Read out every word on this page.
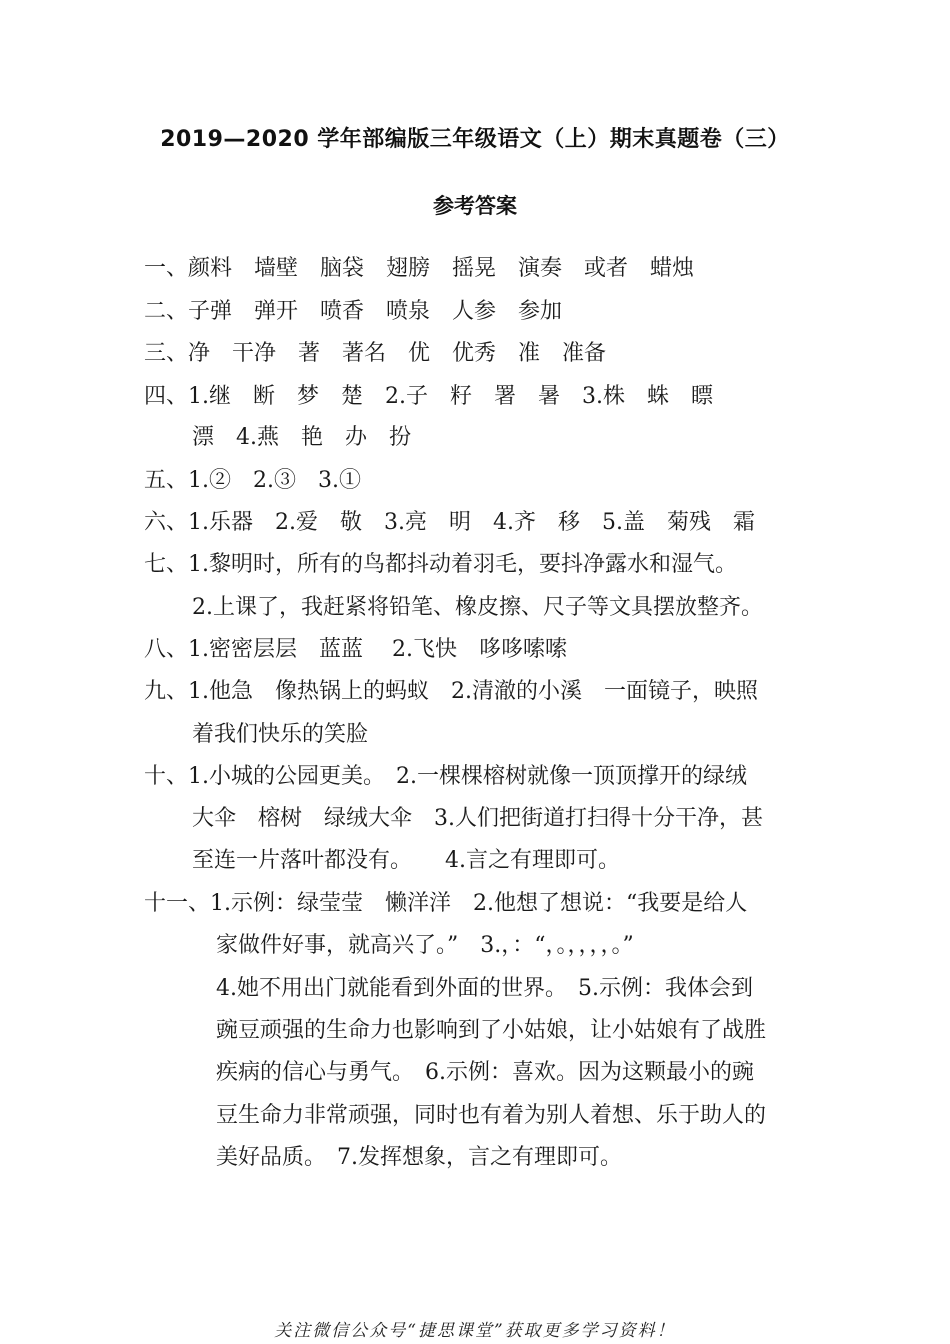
2019—2020 学年部编版三年级语文（上）期末真题卷（三）
参考答案
一、颜料　墙壁　脑袋　翅膀　摇晃　演奏　或者　蜡烛
二、子弹　弹开　喷香　喷泉　人参　参加
三、净　干净　著　著名　优　优秀　准　准备
四、1.继　断　梦　楚　2.子　籽　署　暑　3.株　蛛　瞟
漂　4.燕　艳　办　扮
五、1.②　2.③　3.①
六、1.乐器　2.爱　敬　3.亮　明　4.齐　移　5.盖　菊残　霜
七、1.黎明时，所有的鸟都抖动着羽毛，要抖净露水和湿气。
2.上课了，我赶紧将铅笔、橡皮擦、尺子等文具摆放整齐。
八、1.密密层层　蓝蓝　 2.飞快　哆哆嗦嗦
九、1.他急　像热锅上的蚂蚁　2.清澈的小溪　一面镜子，映照
着我们快乐的笑脸
十、1.小城的公园更美。　2.一棵棵榕树就像一顶顶撑开的绿绒
大伞　榕树　绿绒大伞　3.人们把街道打扫得十分干净，甚
至连一片落叶都没有。　　4.言之有理即可。
十一、1.示例：绿莹莹　懒洋洋　2.他想了想说：“我要是给人
家做件好事，就高兴了。”　3.，：“，。，，，，。”
4.她不用出门就能看到外面的世界。　5.示例：我体会到
豌豆顽强的生命力也影响到了小姑娘，让小姑娘有了战胜
疾病的信心与勇气。　6.示例：喜欢。因为这颗最小的豌
豆生命力非常顽强，同时也有着为别人着想、乐于助人的
美好品质。　7.发挥想象，言之有理即可。
关注微信公众号“捷思课堂”获取更多学习资料！
